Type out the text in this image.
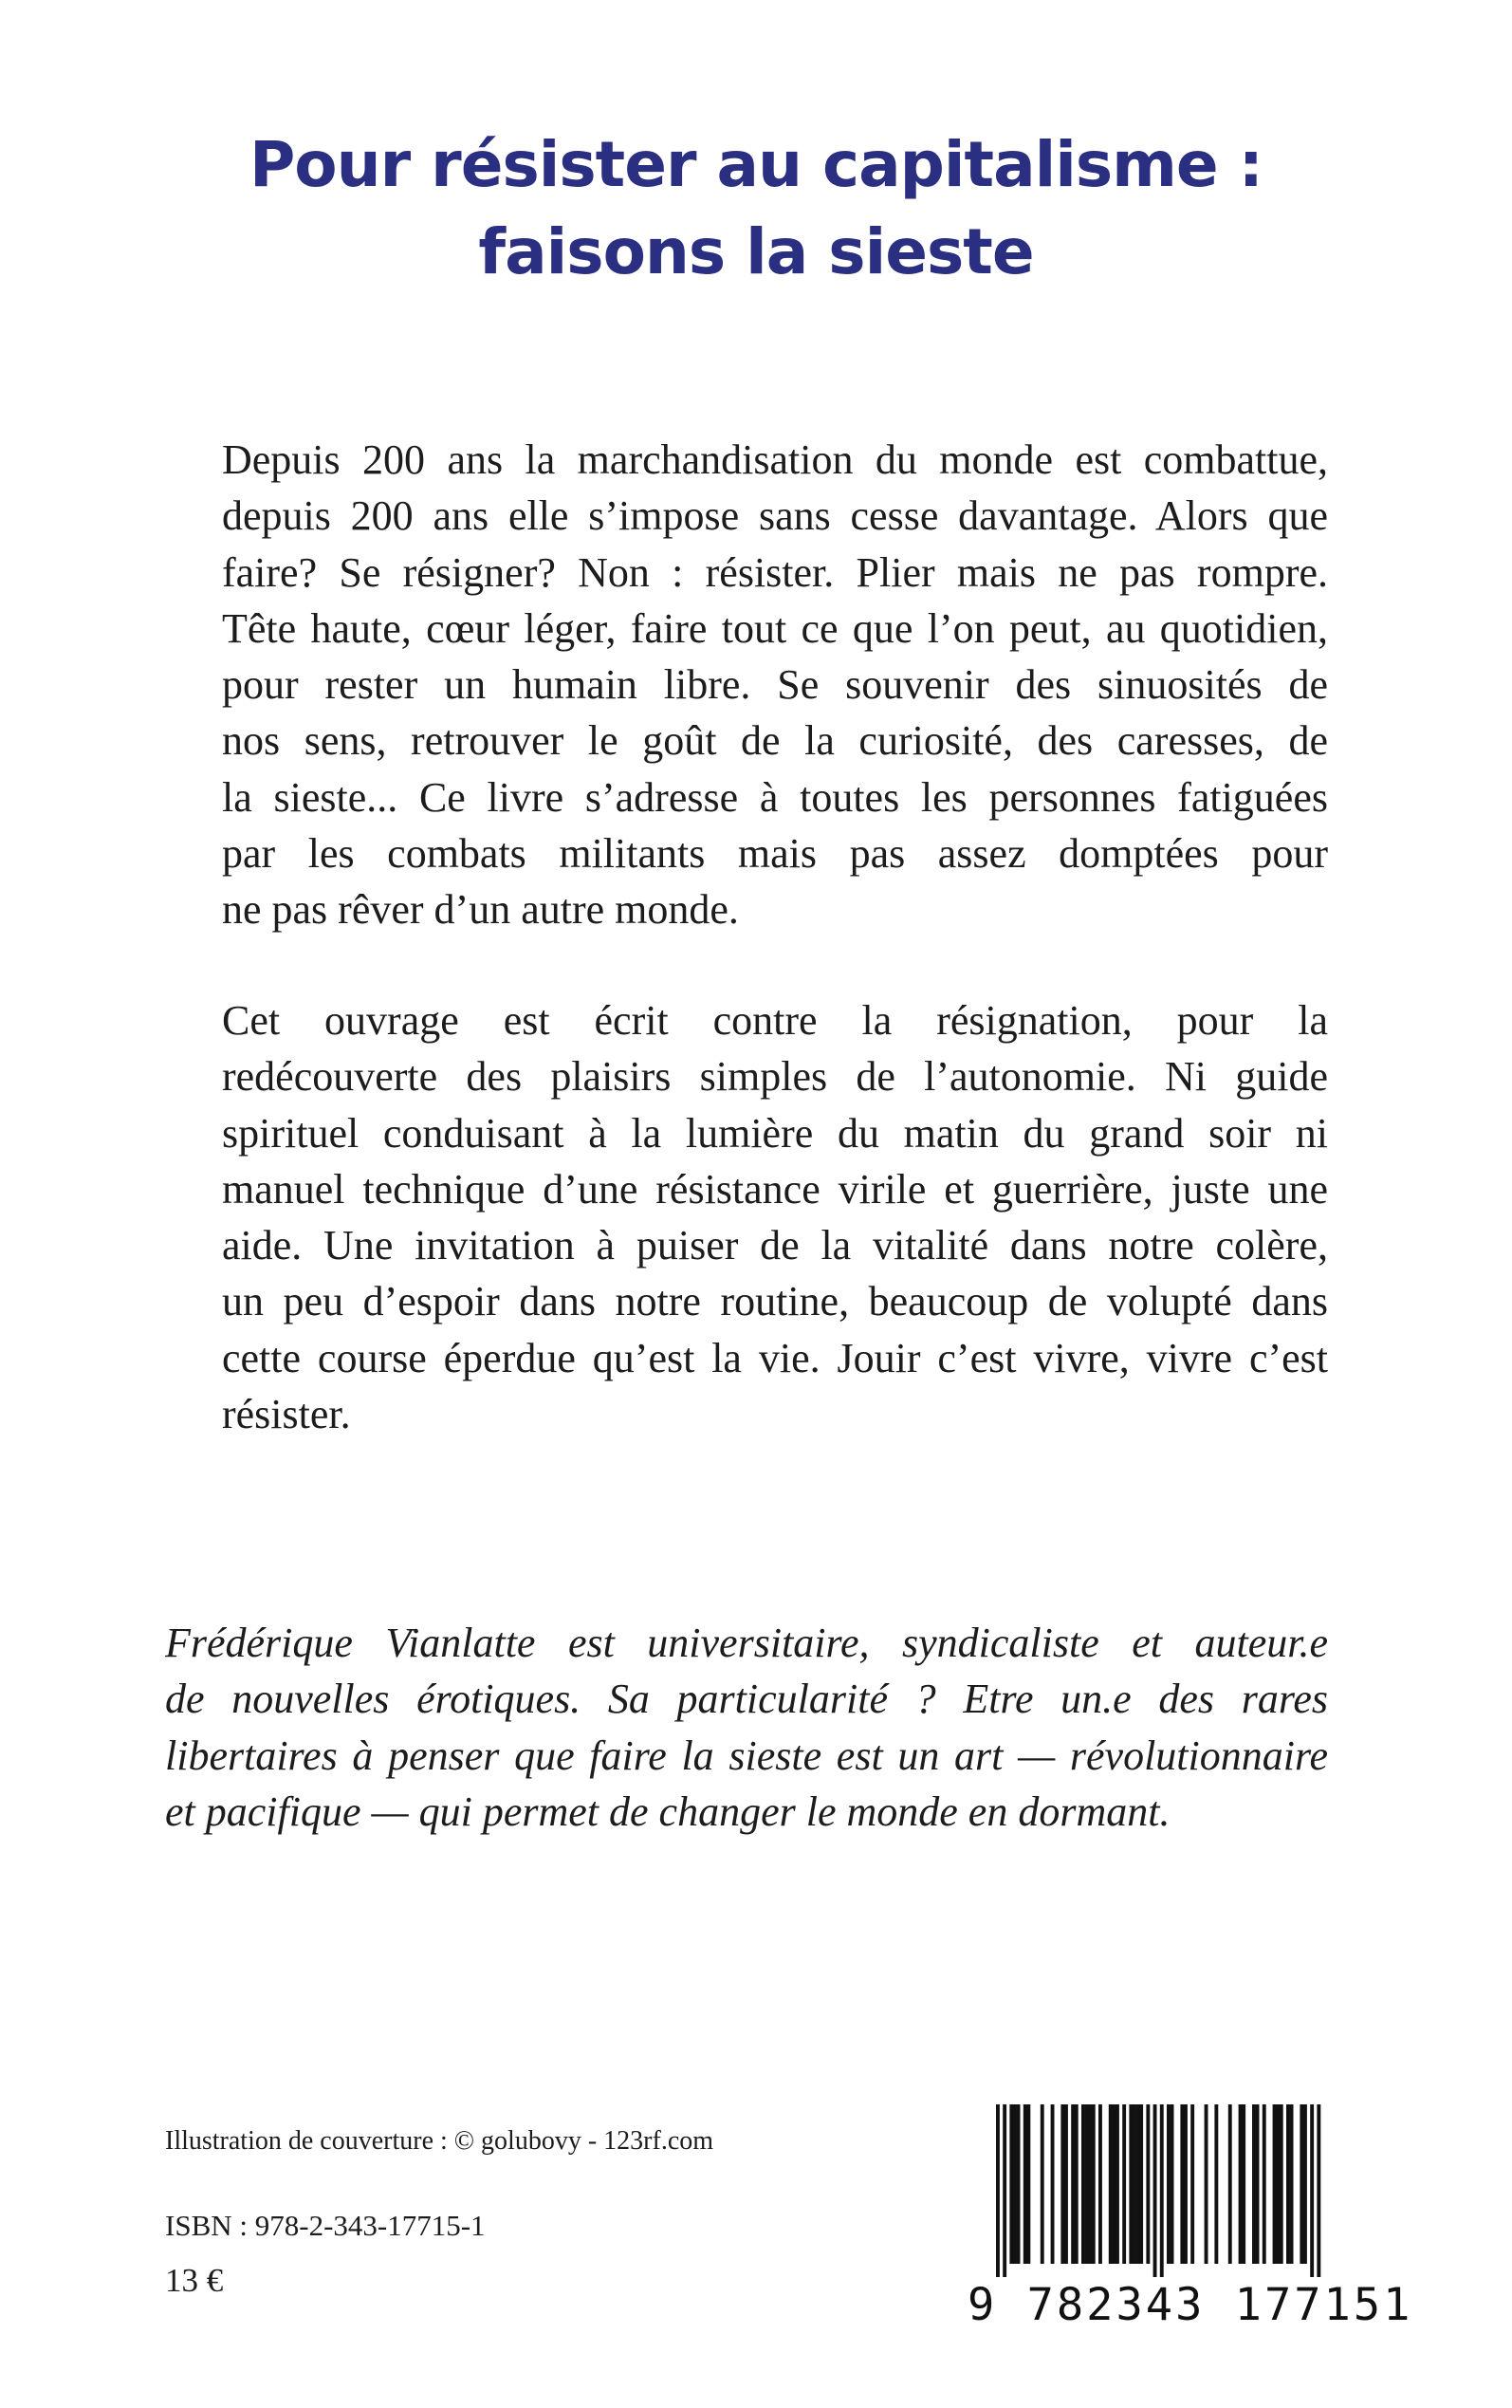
Pour résister au capitalisme :
faisons la sieste
Depuis 200 ans la marchandisation du monde est combattue,
depuis 200 ans elle s’impose sans cesse davantage. Alors que
faire? Se résigner? Non : résister. Plier mais ne pas rompre.
Tête haute, cœur léger, faire tout ce que l’on peut, au quotidien,
pour rester un humain libre. Se souvenir des sinuosités de
nos sens, retrouver le goût de la curiosité, des caresses, de
la sieste... Ce livre s’adresse à toutes les personnes fatiguées
par les combats militants mais pas assez domptées pour
ne pas rêver d’un autre monde.
Cet ouvrage est écrit contre la résignation, pour la
redécouverte des plaisirs simples de l’autonomie. Ni guide
spirituel conduisant à la lumière du matin du grand soir ni
manuel technique d’une résistance virile et guerrière, juste une
aide. Une invitation à puiser de la vitalité dans notre colère,
un peu d’espoir dans notre routine, beaucoup de volupté dans
cette course éperdue qu’est la vie. Jouir c’est vivre, vivre c’est
résister.
Frédérique Vianlatte est universitaire, syndicaliste et auteur.e
de nouvelles érotiques. Sa particularité ? Etre un.e des rares
libertaires à penser que faire la sieste est un art — révolutionnaire
et pacifique — qui permet de changer le monde en dormant.
Illustration de couverture : © golubovy - 123rf.com
ISBN : 978-2-343-17715-1
13 €	9 782343 177151
